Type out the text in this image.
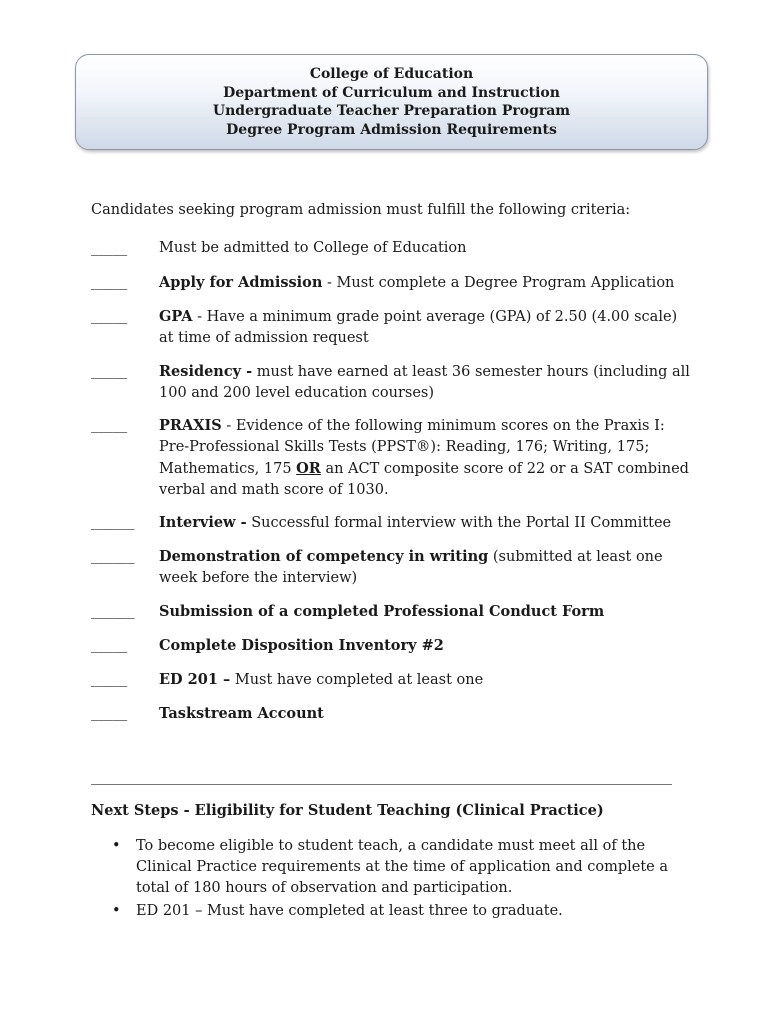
College of Education
Department of Curriculum and Instruction
Undergraduate Teacher Preparation Program
Degree Program Admission Requirements
Candidates seeking program admission must fulfill the following criteria:
_____ Must be admitted to College of Education
_____ Apply for Admission - Must complete a Degree Program Application
_____ GPA - Have a minimum grade point average (GPA) of 2.50 (4.00 scale) at time of admission request
_____ Residency - must have earned at least 36 semester hours (including all 100 and 200 level education courses)
_____ PRAXIS - Evidence of the following minimum scores on the Praxis I: Pre-Professional Skills Tests (PPST®): Reading, 176; Writing, 175; Mathematics, 175 OR an ACT composite score of 22 or a SAT combined verbal and math score of 1030.
______ Interview - Successful formal interview with the Portal II Committee
______ Demonstration of competency in writing (submitted at least one week before the interview)
______ Submission of a completed Professional Conduct Form
_____ Complete Disposition Inventory #2
_____ ED 201 – Must have completed at least one
_____ Taskstream Account
Next Steps - Eligibility for Student Teaching (Clinical Practice)
• To become eligible to student teach, a candidate must meet all of the Clinical Practice requirements at the time of application and complete a total of 180 hours of observation and participation.
• ED 201 – Must have completed at least three to graduate.
